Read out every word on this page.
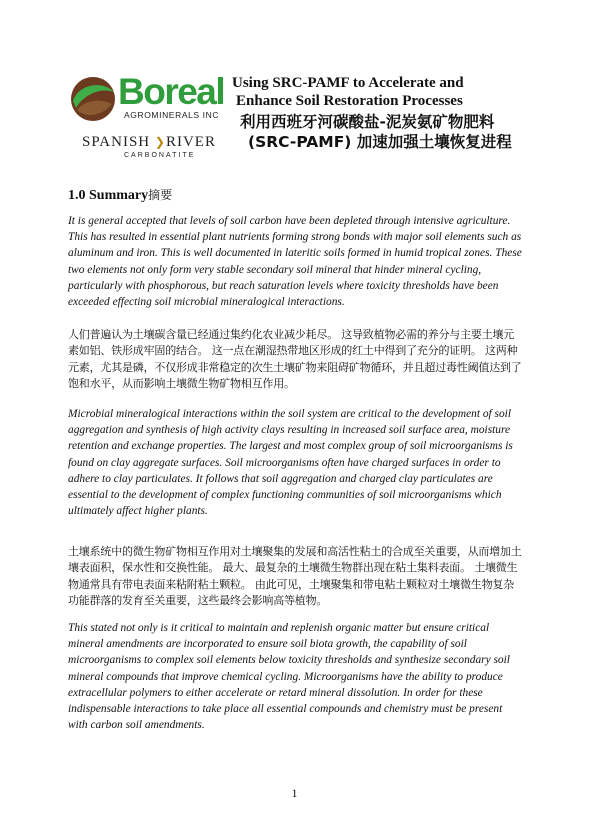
Boreal
AGROMINERALS INC
SPANISH ❯RIVER
CARBONATITE
Using SRC-PAMF to Accelerate and
Enhance Soil Restoration Processes
利用西班牙河碳酸盐-泥炭氨矿物肥料
(SRC-PAMF) 加速加强土壤恢复进程
1.0 Summary摘要
It is general accepted that levels of soil carbon have been depleted through intensive agriculture. This has resulted in essential plant nutrients forming strong bonds with major soil elements such as aluminum and iron. This is well documented in lateritic soils formed in humid tropical zones. These two elements not only form very stable secondary soil mineral that hinder mineral cycling, particularly with phosphorous, but reach saturation levels where toxicity thresholds have been exceeded effecting soil microbial mineralogical interactions.
人们普遍认为土壤碳含量已经通过集约化农业减少耗尽。 这导致植物必需的养分与主要土壤元素如铝、铁形成牢固的结合。 这一点在潮湿热带地区形成的红土中得到了充分的证明。 这两种元素，尤其是磷，不仅形成非常稳定的次生土壤矿物来阻碍矿物循环，并且超过毒性阈值达到了饱和水平，从而影响土壤微生物矿物相互作用。
Microbial mineralogical interactions within the soil system are critical to the development of soil aggregation and synthesis of high activity clays resulting in increased soil surface area, moisture retention and exchange properties. The largest and most complex group of soil microorganisms is found on clay aggregate surfaces. Soil microorganisms often have charged surfaces in order to adhere to clay particulates. It follows that soil aggregation and charged clay particulates are essential to the development of complex functioning communities of soil microorganisms which ultimately affect higher plants.
土壤系统中的微生物矿物相互作用对土壤聚集的发展和高活性粘土的合成至关重要，从而增加土壤表面积，保水性和交换性能。 最大、最复杂的土壤微生物群出现在粘土集料表面。 土壤微生物通常具有带电表面来粘附粘土颗粒。 由此可见，土壤聚集和带电粘土颗粒对土壤微生物复杂功能群落的发育至关重要，这些最终会影响高等植物。
This stated not only is it critical to maintain and replenish organic matter but ensure critical mineral amendments are incorporated to ensure soil biota growth, the capability of soil microorganisms to complex soil elements below toxicity thresholds and synthesize secondary soil mineral compounds that improve chemical cycling. Microorganisms have the ability to produce extracellular polymers to either accelerate or retard mineral dissolution. In order for these indispensable interactions to take place all essential compounds and chemistry must be present with carbon soil amendments.
1
